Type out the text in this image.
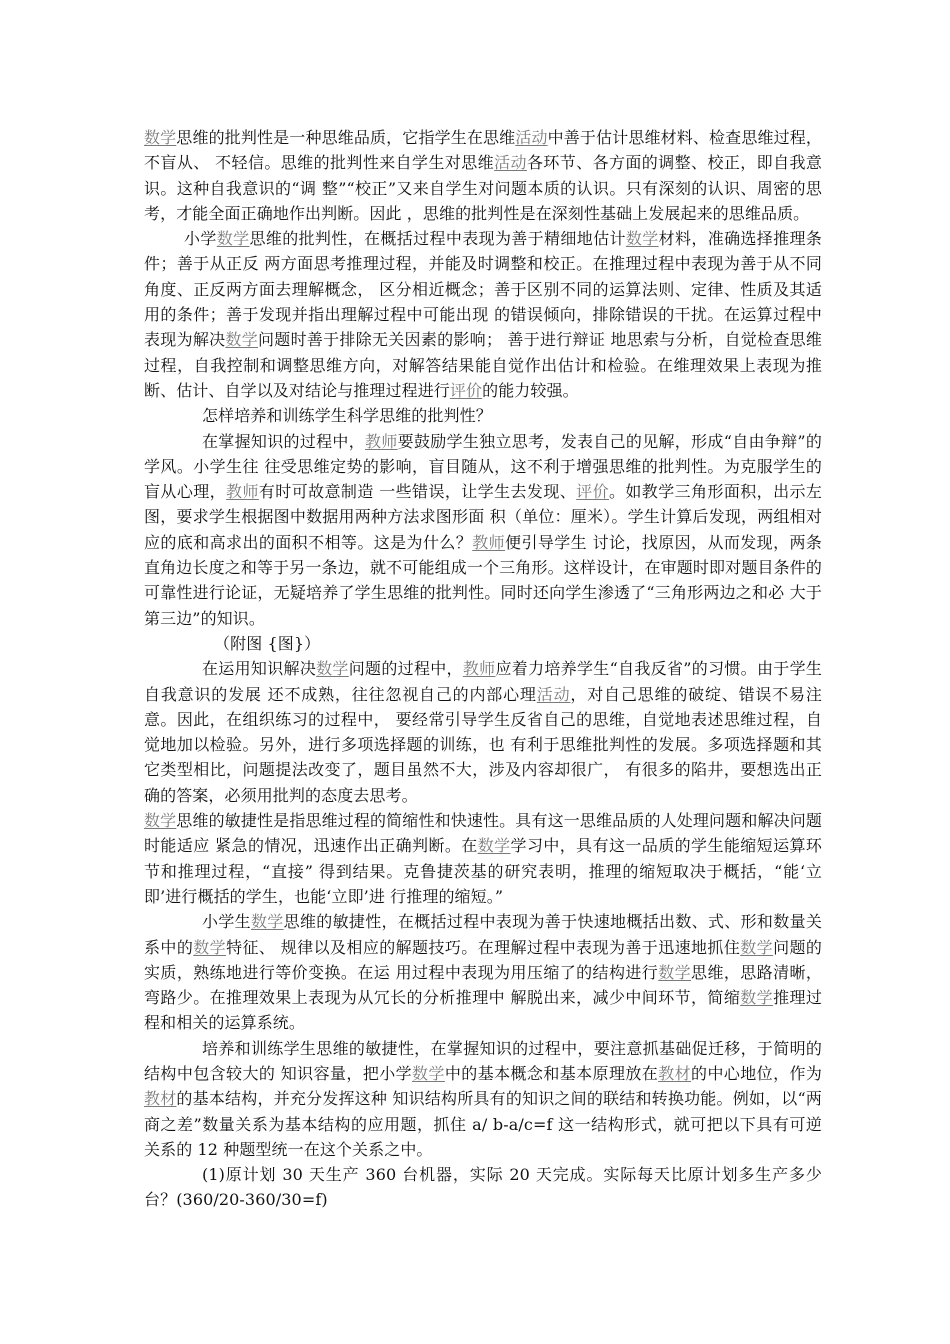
数学思维的批判性是一种思维品质，它指学生在思维活动中善于估计思维材料、检查思维过程，不盲从、 不轻信。思维的批判性来自学生对思维活动各环节、各方面的调整、校正，即自我意识。这种自我意识的“调 整”“校正”又来自学生对问题本质的认识。只有深刻的认识、周密的思考，才能全面正确地作出判断。因此 ，思维的批判性是在深刻性基础上发展起来的思维品质。

小学数学思维的批判性，在概括过程中表现为善于精细地估计数学材料，准确选择推理条件；善于从正反 两方面思考推理过程，并能及时调整和校正。在推理过程中表现为善于从不同角度、正反两方面去理解概念， 区分相近概念；善于区别不同的运算法则、定律、性质及其适用的条件；善于发现并指出理解过程中可能出现 的错误倾向，排除错误的干扰。在运算过程中表现为解决数学问题时善于排除无关因素的影响； 善于进行辩证 地思索与分析，自觉检查思维过程，自我控制和调整思维方向，对解答结果能自觉作出估计和检验。在维理效果上表现为推断、估计、自学以及对结论与推理过程进行评价的能力较强。

怎样培养和训练学生科学思维的批判性？

在掌握知识的过程中，教师要鼓励学生独立思考，发表自己的见解，形成“自由争辩”的学风。小学生往 往受思维定势的影响，盲目随从，这不利于增强思维的批判性。为克服学生的盲从心理，教师有时可故意制造 一些错误，让学生去发现、评价。如教学三角形面积，出示左图，要求学生根据图中数据用两种方法求图形面 积（单位：厘米）。学生计算后发现，两组相对应的底和高求出的面积不相等。这是为什么？教师便引导学生 讨论，找原因，从而发现，两条直角边长度之和等于另一条边，就不可能组成一个三角形。这样设计，在审题时即对题目条件的可靠性进行论证，无疑培养了学生思维的批判性。同时还向学生渗透了“三角形两边之和必 大于第三边”的知识。

（附图 {图}）

在运用知识解决数学问题的过程中，教师应着力培养学生“自我反省”的习惯。由于学生自我意识的发展 还不成熟，往往忽视自己的内部心理活动，对自己思维的破绽、错误不易注意。因此，在组织练习的过程中， 要经常引导学生反省自己的思维，自觉地表述思维过程，自觉地加以检验。另外，进行多项选择题的训练，也 有利于思维批判性的发展。多项选择题和其它类型相比，问题提法改变了，题目虽然不大，涉及内容却很广， 有很多的陷井，要想选出正确的答案，必须用批判的态度去思考。

数学思维的敏捷性是指思维过程的简缩性和快速性。具有这一思维品质的人处理问题和解决问题时能适应 紧急的情况，迅速作出正确判断。在数学学习中，具有这一品质的学生能缩短运算环节和推理过程，“直接” 得到结果。克鲁捷茨基的研究表明，推理的缩短取决于概括，“能‘立即’进行概括的学生，也能‘立即’进 行推理的缩短。”

小学生数学思维的敏捷性，在概括过程中表现为善于快速地概括出数、式、形和数量关系中的数学特征、 规律以及相应的解题技巧。在理解过程中表现为善于迅速地抓住数学问题的实质，熟练地进行等价变换。在运 用过程中表现为用压缩了的结构进行数学思维，思路清晰，弯路少。在推理效果上表现为从冗长的分析推理中 解脱出来，减少中间环节，简缩数学推理过程和相关的运算系统。

培养和训练学生思维的敏捷性，在掌握知识的过程中，要注意抓基础促迁移，于简明的结构中包含较大的 知识容量，把小学数学中的基本概念和基本原理放在教材的中心地位，作为教材的基本结构，并充分发挥这种 知识结构所具有的知识之间的联结和转换功能。例如，以“两商之差”数量关系为基本结构的应用题，抓住 a/ b-a/c=f 这一结构形式，就可把以下具有可逆关系的 12 种题型统一在这个关系之中。

(1)原计划 30 天生产 360 台机器，实际 20 天完成。实际每天比原计划多生产多少台？(360/20-360/30=f)
